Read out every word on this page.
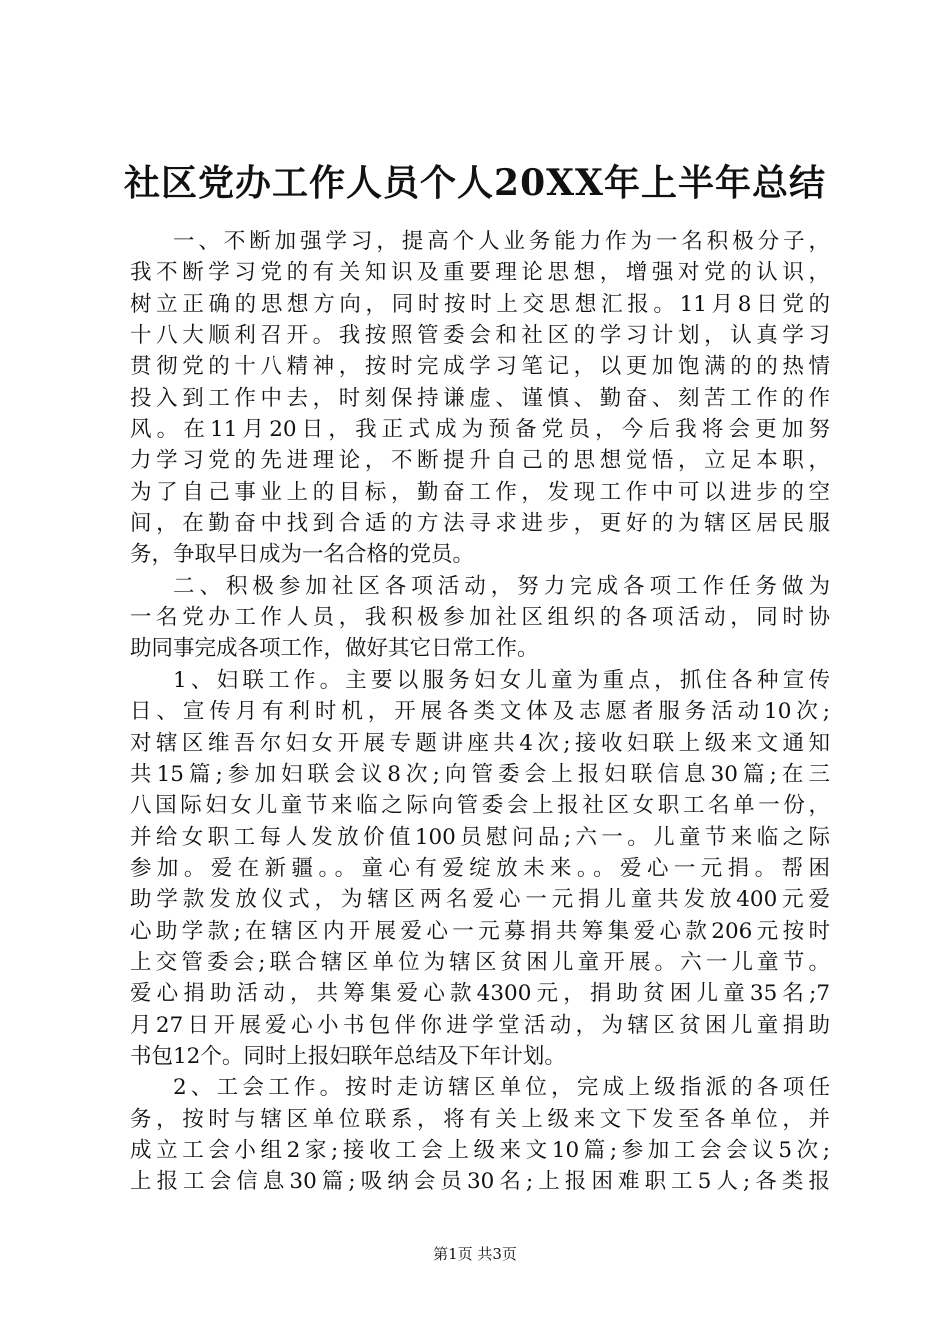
社区党办工作人员个人20XX年上半年总结
一、不断加强学习，提高个人业务能力作为一名积极分子，
我不断学习党的有关知识及重要理论思想，增强对党的认识，
树立正确的思想方向，同时按时上交思想汇报。11月8日党的
十八大顺利召开。我按照管委会和社区的学习计划，认真学习
贯彻党的十八精神，按时完成学习笔记，以更加饱满的的热情
投入到工作中去，时刻保持谦虚、谨慎、勤奋、刻苦工作的作
风。在11月20日，我正式成为预备党员，今后我将会更加努
力学习党的先进理论，不断提升自己的思想觉悟，立足本职，
为了自己事业上的目标，勤奋工作，发现工作中可以进步的空
间，在勤奋中找到合适的方法寻求进步，更好的为辖区居民服
务，争取早日成为一名合格的党员。
二、积极参加社区各项活动，努力完成各项工作任务做为
一名党办工作人员，我积极参加社区组织的各项活动，同时协
助同事完成各项工作，做好其它日常工作。
1、妇联工作。主要以服务妇女儿童为重点，抓住各种宣传
日、宣传月有利时机，开展各类文体及志愿者服务活动10次;
对辖区维吾尔妇女开展专题讲座共4次;接收妇联上级来文通知
共15篇;参加妇联会议8次;向管委会上报妇联信息30篇;在三
八国际妇女儿童节来临之际向管委会上报社区女职工名单一份，
并给女职工每人发放价值100员慰问品;六一。儿童节来临之际
参加。爱在新疆。。童心有爱绽放未来。。爱心一元捐。帮困
助学款发放仪式，为辖区两名爱心一元捐儿童共发放400元爱
心助学款;在辖区内开展爱心一元募捐共筹集爱心款206元按时
上交管委会;联合辖区单位为辖区贫困儿童开展。六一儿童节。
爱心捐助活动，共筹集爱心款4300元，捐助贫困儿童35名;7
月27日开展爱心小书包伴你进学堂活动，为辖区贫困儿童捐助
书包12个。同时上报妇联年总结及下年计划。
2、工会工作。按时走访辖区单位，完成上级指派的各项任
务，按时与辖区单位联系，将有关上级来文下发至各单位，并
成立工会小组2家;接收工会上级来文10篇;参加工会会议5次;
上报工会信息30篇;吸纳会员30名;上报困难职工5人;各类报
第1页 共3页
